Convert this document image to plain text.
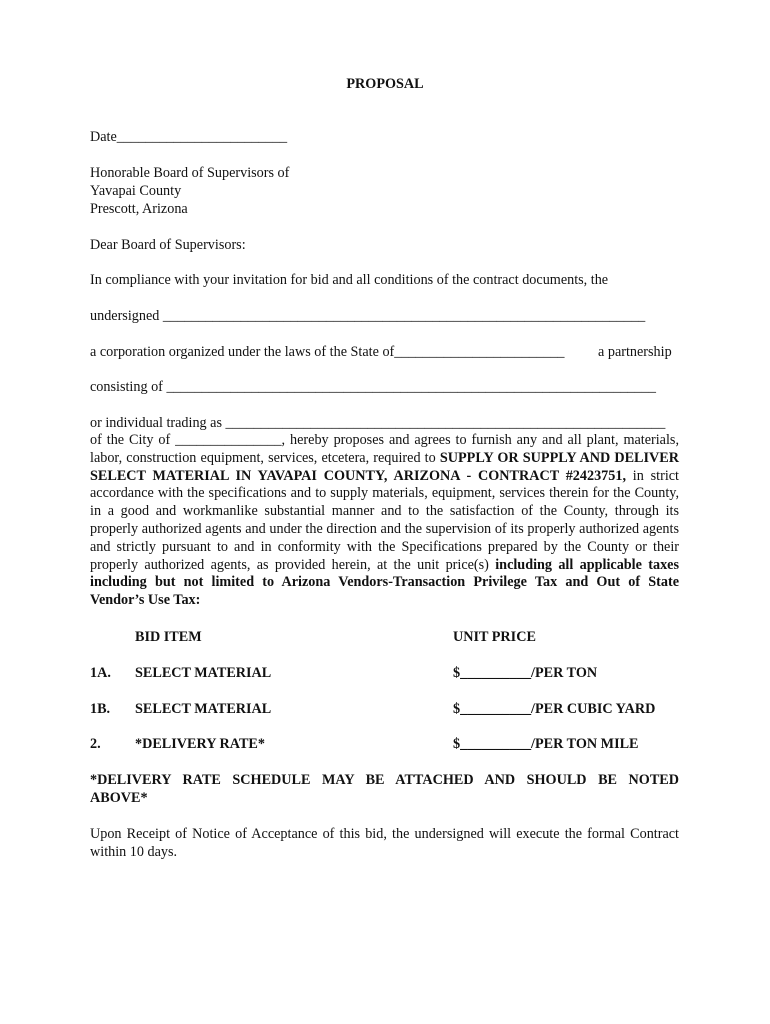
PROPOSAL
Date________________________
Honorable Board of Supervisors of
Yavapai County
Prescott, Arizona
Dear Board of Supervisors:
In compliance with your invitation for bid and all conditions of the contract documents, the
undersigned ____________________________________________________________________
a corporation organized under the laws of the State of________________________ a partnership
consisting of _____________________________________________________________________
or individual trading as ______________________________________________________________
of the City of _______________, hereby proposes and agrees to furnish any and all plant, materials, labor, construction equipment, services, etcetera, required to SUPPLY OR SUPPLY AND DELIVER SELECT MATERIAL IN YAVAPAI COUNTY, ARIZONA - CONTRACT #2423751, in strict accordance with the specifications and to supply materials, equipment, services therein for the County, in a good and workmanlike substantial manner and to the satisfaction of the County, through its properly authorized agents and under the direction and the supervision of its properly authorized agents and strictly pursuant to and in conformity with the Specifications prepared by the County or their properly authorized agents, as provided herein, at the unit price(s) including all applicable taxes including but not limited to Arizona Vendors-Transaction Privilege Tax and Out of State Vendor’s Use Tax:
BID ITEM	UNIT PRICE
1A. SELECT MATERIAL	$__________/PER TON
1B. SELECT MATERIAL	$__________/PER CUBIC YARD
2. *DELIVERY RATE*	$__________/PER TON MILE
*DELIVERY RATE SCHEDULE MAY BE ATTACHED AND SHOULD BE NOTED ABOVE*
Upon Receipt of Notice of Acceptance of this bid, the undersigned will execute the formal Contract within 10 days.
